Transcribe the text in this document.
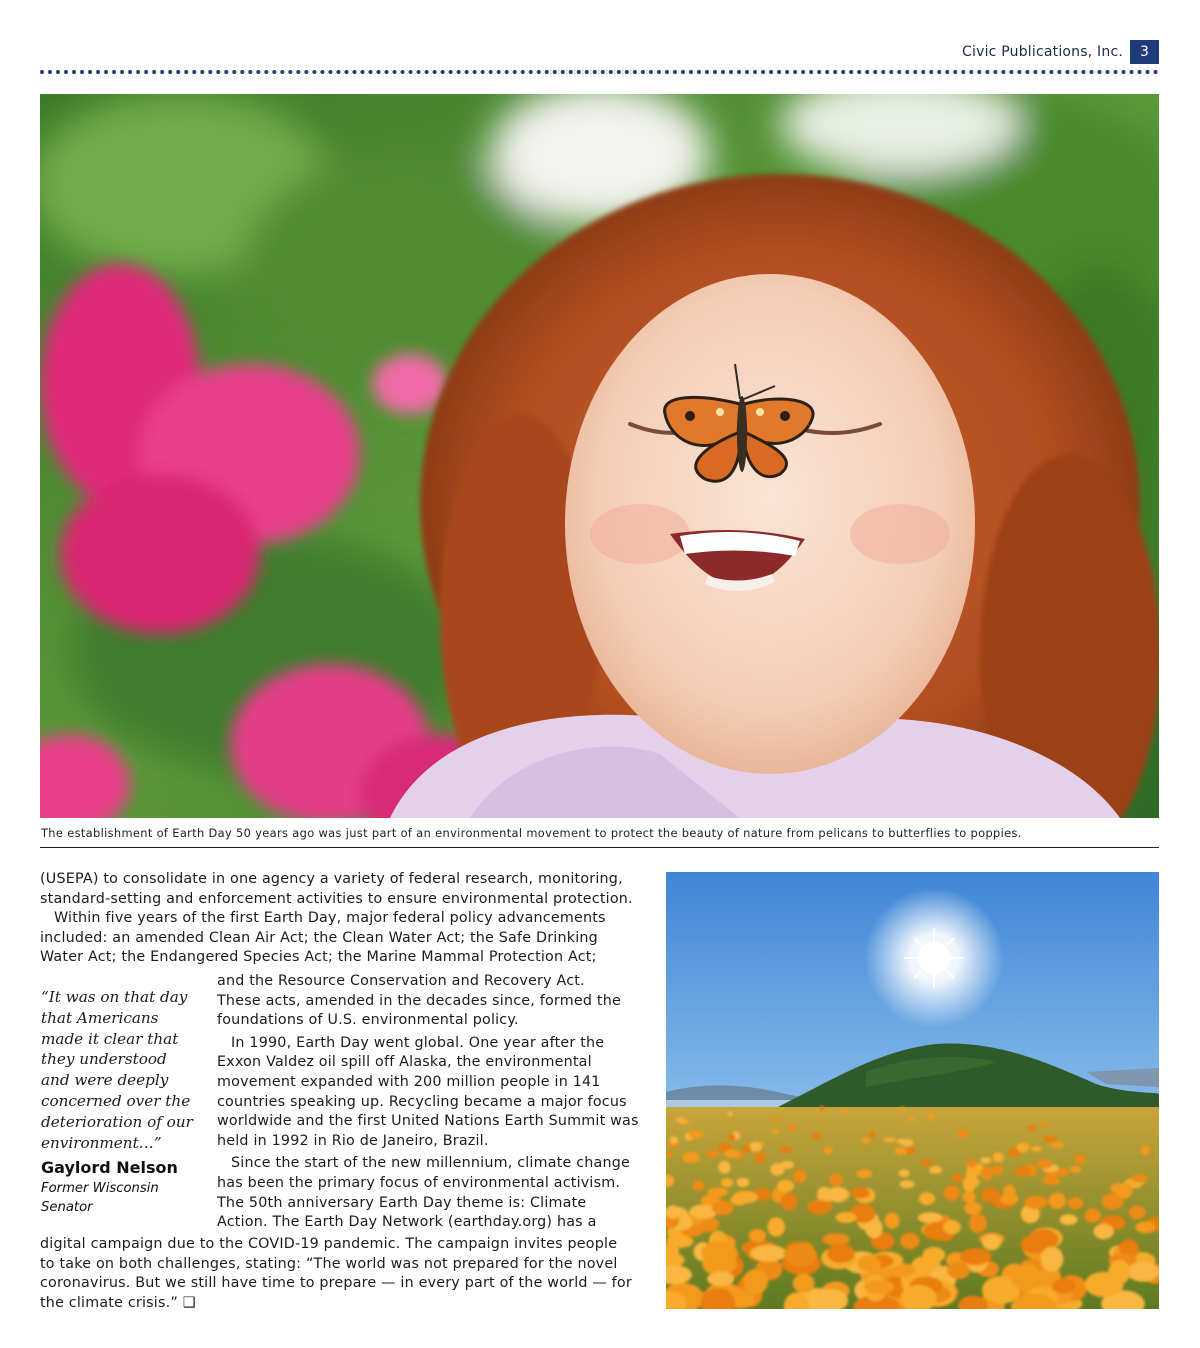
Civic Publications, Inc.	3
The establishment of Earth Day 50 years ago was just part of an environmental movement to protect the beauty of nature from pelicans to butterflies to poppies.

(USEPA) to consolidate in one agency a variety of federal research, monitoring,

standard-setting and enforcement activities to ensure environmental protection.

Within five years of the first Earth Day, major federal policy advancements

included: an amended Clean Air Act; the Clean Water Act; the Safe Drinking

Water Act; the Endangered Species Act; the Marine Mammal Protection Act;

“It was on that day
that Americans
made it clear that
they understood
and were deeply
concerned over the
deterioration of our
environment…”
Gaylord Nelson
Former Wisconsin
Senator

and the Resource Conservation and Recovery Act.

These acts, amended in the decades since, formed the

foundations of U.S. environmental policy.

In 1990, Earth Day went global. One year after the

Exxon Valdez oil spill off Alaska, the environmental

movement expanded with 200 million people in 141

countries speaking up. Recycling became a major focus

worldwide and the first United Nations Earth Summit was

held in 1992 in Rio de Janeiro, Brazil.

Since the start of the new millennium, climate change

has been the primary focus of environmental activism.

The 50th anniversary Earth Day theme is: Climate

Action. The Earth Day Network (earthday.org) has a

digital campaign due to the COVID-19 pandemic. The campaign invites people

to take on both challenges, stating: “The world was not prepared for the novel

coronavirus. But we still have time to prepare — in every part of the world — for

the climate crisis.” ❑
